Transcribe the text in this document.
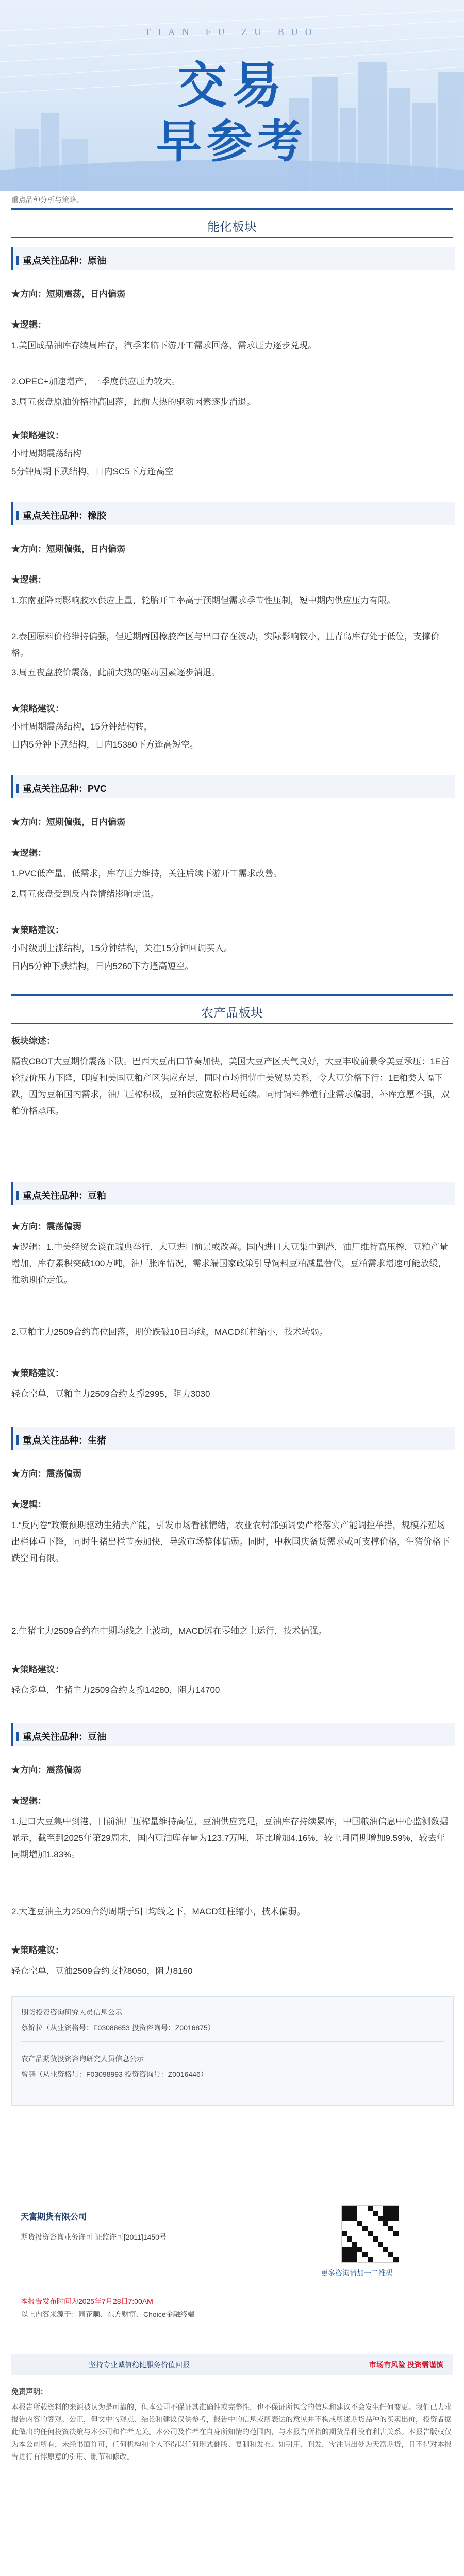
TIAN FU ZU BUO
交易
早参考
重点品种分析与策略。
能化板块
重点关注品种：原油
★方向：短期震荡，日内偏弱
★逻辑：
1.美国成品油库存续周库存，汽季来临下游开工需求回落，需求压力逐步兑现。
2.OPEC+加速增产，三季度供应压力较大。
3.周五夜盘原油价格冲高回落，此前大热的驱动因素逐步消退。
★策略建议：
小时周期震荡结构
5分钟周期下跌结构，日内SC5下方逢高空
重点关注品种：橡胶
★方向：短期偏强，日内偏弱
★逻辑：
1.东南亚降雨影响胶水供应上量，轮胎开工率高于预期但需求季节性压制，短中期内供应压力有限。
2.泰国原料价格维持偏强，但近期两国橡胶产区与出口存在波动，实际影响较小，且青岛库存处于低位，支撑价格。
3.周五夜盘胶价震荡，此前大热的驱动因素逐步消退。
★策略建议：
小时周期震荡结构，15分钟结构转，
日内5分钟下跌结构，日内15380下方逢高短空。
重点关注品种：PVC
★方向：短期偏强，日内偏弱
★逻辑：
1.PVC低产量、低需求，库存压力维持，关注后续下游开工需求改善。
2.周五夜盘受到反内卷情绪影响走强。
★策略建议：
小时级别上涨结构，15分钟结构，关注15分钟回调买入。
日内5分钟下跌结构，日内5260下方逢高短空。
农产品板块
板块综述：
隔夜CBOT大豆期价震荡下跌。巴西大豆出口节奏加快，美国大豆产区天气良好，大豆丰收前景令美豆承压：1E首轮报价压力下降，印度和美国豆粕产区供应充足，同时市场担忧中美贸易关系，令大豆价格下行：1E粕类大幅下跌，因为豆粕国内需求，油厂压榨积极，豆粕供应宽松格局延续。同时饲料养殖行业需求偏弱，补库意愿不强，双粕价格承压。
重点关注品种：豆粕
★方向：震荡偏弱
★逻辑：1.中美经贸会谈在瑞典举行，大豆进口前景或改善。国内进口大豆集中到港，油厂维持高压榨，豆粕产量增加，库存累积突破100万吨，油厂胀库情况，需求端国家政策引导饲料豆粕减量替代，豆粕需求增速可能放缓，推动期价走低。
2.豆粕主力2509合约高位回落，期价跌破10日均线，MACD红柱缩小，技术转弱。
★策略建议：
轻仓空单，豆粕主力2509合约支撑2995，阻力3030
重点关注品种：生猪
★方向：震荡偏弱
★逻辑：
1.“反内卷”政策预期驱动生猪去产能，引发市场看涨情绪，农业农村部强调要严格落实产能调控举措，规模养殖场出栏体重下降，同时生猪出栏节奏加快，导致市场整体偏弱。同时，中秋国庆备货需求或可支撑价格，生猪价格下跌空间有限。
2.生猪主力2509合约在中期均线之上波动，MACD远在零轴之上运行，技术偏强。
★策略建议：
轻仓多单，生猪主力2509合约支撑14280，阻力14700
重点关注品种：豆油
★方向：震荡偏弱
★逻辑：
1.进口大豆集中到港，目前油厂压榨量维持高位，豆油供应充足，豆油库存持续累库，中国粮油信息中心监测数据显示，截至到2025年第29周末，国内豆油库存量为123.7万吨，环比增加4.16%，较上月同期增加9.59%，较去年同期增加1.83%。
2.大连豆油主力2509合约周期于5日均线之下，MACD红柱缩小，技术偏弱。
★策略建议：
轻仓空单，豆油2509合约支撑8050，阻力8160
期货投资咨询研究人员信息公示
蔡锦拉（从业资格号：F03088653 投资咨询号：Z0016875）
农产品期货投资咨询研究人员信息公示
曾鹏（从业资格号：F03098993 投资咨询号：Z0016446）
天富期货有限公司
期货投资咨询业务许可 证监许可[2011]1450号
更多咨询请加一二维码
本报告发布时间为2025年7月28日7:00AM
以上内容来源于：同花顺、东方财富、Choice金融终端
坚持专业诚信稳健服务价值回报	市场有风险 投资需谨慎
免责声明：
本报告所载资料的来源被认为是可靠的，但本公司不保证其准确性或完整性，也不保证所包含的信息和建议不会发生任何变更。我们已力求报告内容的客观、公正，但文中的观点、结论和建议仅供参考，报告中的信息或所表达的意见并不构成所述期货品种的买卖出价，投资者据此做出的任何投资决策与本公司和作者无关。本公司及作者在自身所知情的范围内，与本报告所指的期货品种没有利害关系。本报告版权仅为本公司所有，未经书面许可，任何机构和个人不得以任何形式翻版、复制和发布。如引用、刊发，需注明出处为天富期货，且不得对本报告进行有悖原意的引用、删节和修改。
